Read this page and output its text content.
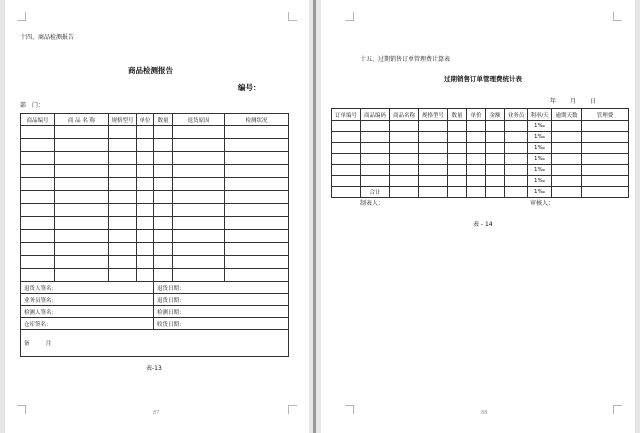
十四、商品检测报告
商品检测报告
编号：
部　门：
商品编号	商 品 名 称	规格型号	单位	数量	退货原因	检测状况

退货人签名：				退货日期：		
业务员签名：				退货日期：		
检测人签名：				检测日期：		
仓库签名：				收货日期：		
备　　　注						
表-13
87
十五、过期销售订单管理费计算表
过期销售订单管理费统计表
年 月 日
订单编号	商品编码	商品名称	规格型号	数量	单价	金额	业务员	利率/天	逾期天数	管理费
								1‰		
								1‰		
								1‰		
								1‰		
								1‰		
								1‰		
	合计							1‰		
制表人：	审核人：
表 - 14
88
